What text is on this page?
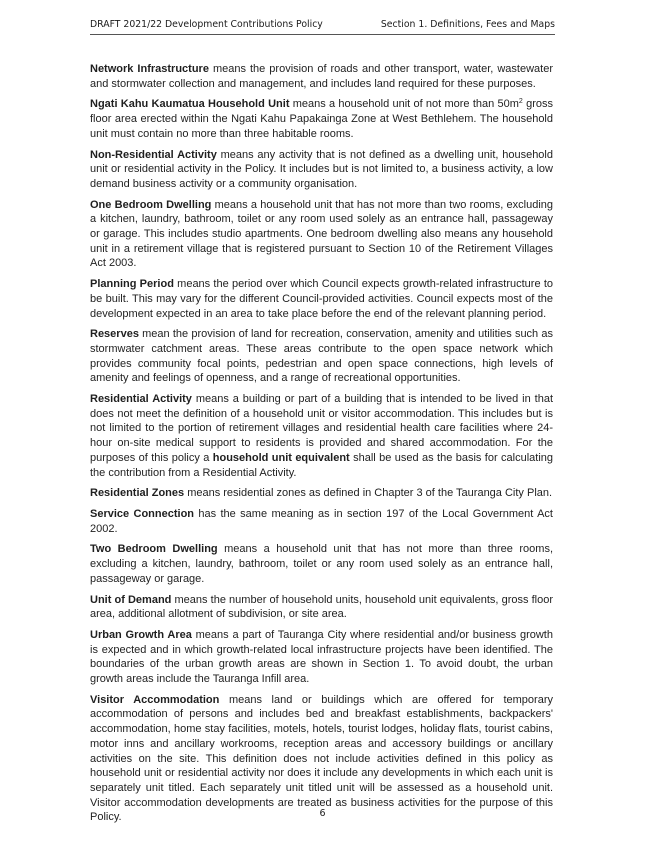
DRAFT 2021/22 Development Contributions Policy	Section 1. Definitions, Fees and Maps

Network Infrastructure means the provision of roads and other transport, water, wastewater and stormwater collection and management, and includes land required for these purposes.

Ngati Kahu Kaumatua Household Unit means a household unit of not more than $50m^2$ gross floor area erected within the Ngati Kahu Papakainga Zone at West Bethlehem. The household unit must contain no more than three habitable rooms.

Non-Residential Activity means any activity that is not defined as a dwelling unit, household unit or residential activity in the Policy. It includes but is not limited to, a business activity, a low demand business activity or a community organisation.

One Bedroom Dwelling means a household unit that has not more than two rooms, excluding a kitchen, laundry, bathroom, toilet or any room used solely as an entrance hall, passageway or garage. This includes studio apartments. One bedroom dwelling also means any household unit in a retirement village that is registered pursuant to Section 10 of the Retirement Villages Act 2003.

Planning Period means the period over which Council expects growth-related infrastructure to be built. This may vary for the different Council-provided activities. Council expects most of the development expected in an area to take place before the end of the relevant planning period.

Reserves mean the provision of land for recreation, conservation, amenity and utilities such as stormwater catchment areas. These areas contribute to the open space network which provides community focal points, pedestrian and open space connections, high levels of amenity and feelings of openness, and a range of recreational opportunities.

Residential Activity means a building or part of a building that is intended to be lived in that does not meet the definition of a household unit or visitor accommodation. This includes but is not limited to the portion of retirement villages and residential health care facilities where 24-hour on-site medical support to residents is provided and shared accommodation. For the purposes of this policy a household unit equivalent shall be used as the basis for calculating the contribution from a Residential Activity.

Residential Zones means residential zones as defined in Chapter 3 of the Tauranga City Plan.

Service Connection has the same meaning as in section 197 of the Local Government Act 2002.

Two Bedroom Dwelling means a household unit that has not more than three rooms, excluding a kitchen, laundry, bathroom, toilet or any room used solely as an entrance hall, passageway or garage.

Unit of Demand means the number of household units, household unit equivalents, gross floor area, additional allotment of subdivision, or site area.

Urban Growth Area means a part of Tauranga City where residential and/or business growth is expected and in which growth-related local infrastructure projects have been identified. The boundaries of the urban growth areas are shown in Section 1. To avoid doubt, the urban growth areas include the Tauranga Infill area.

Visitor Accommodation means land or buildings which are offered for temporary accommodation of persons and includes bed and breakfast establishments, backpackers' accommodation, home stay facilities, motels, hotels, tourist lodges, holiday flats, tourist cabins, motor inns and ancillary workrooms, reception areas and accessory buildings or ancillary activities on the site. This definition does not include activities defined in this policy as household unit or residential activity nor does it include any developments in which each unit is separately unit titled. Each separately unit titled unit will be assessed as a household unit. Visitor accommodation developments are treated as business activities for the purpose of this Policy.	6
